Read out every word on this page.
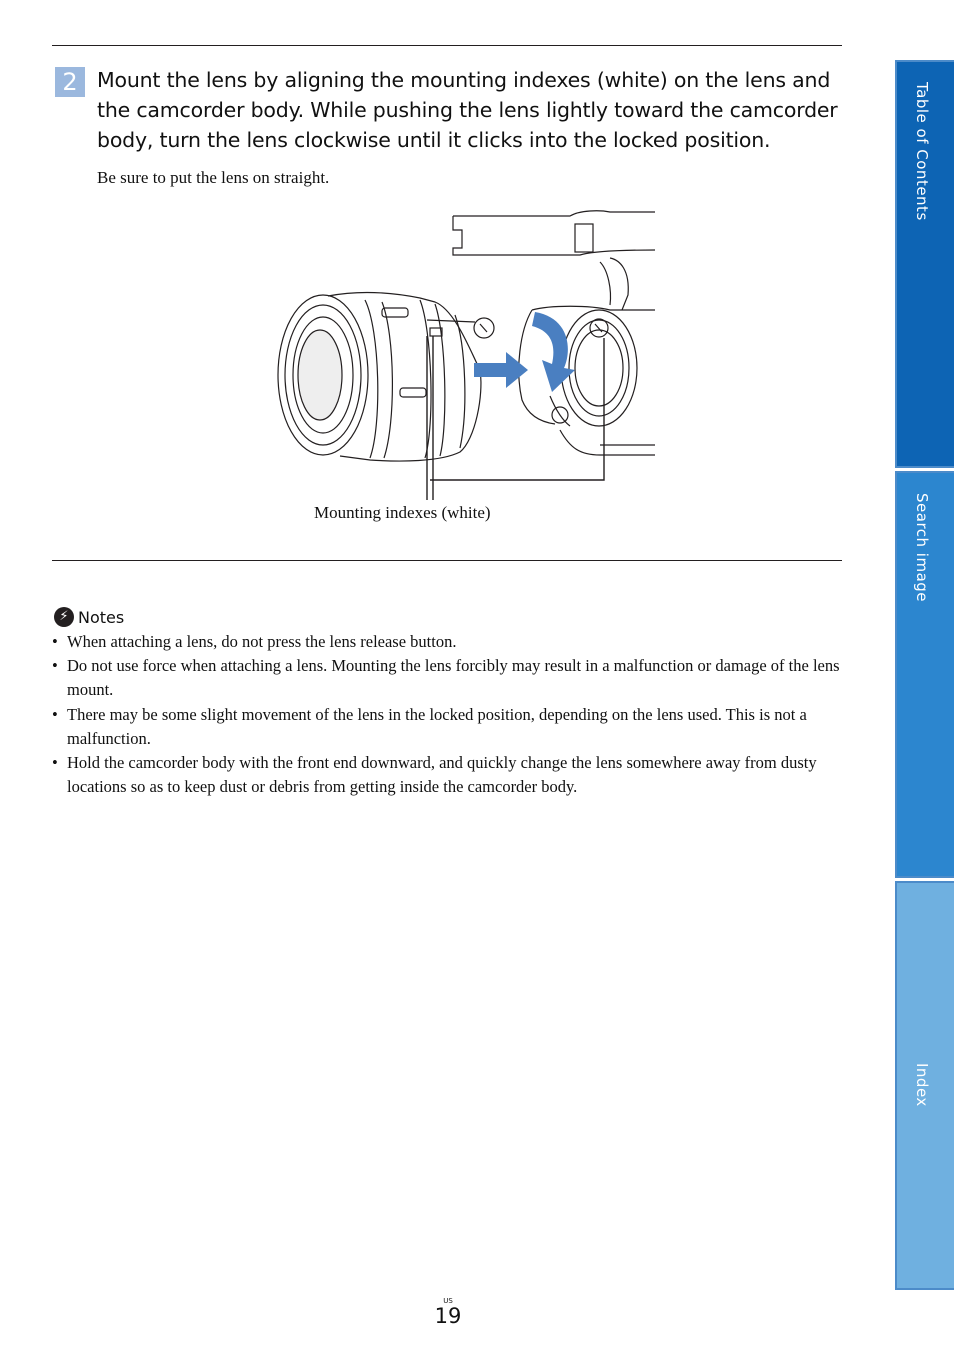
2 Mount the lens by aligning the mounting indexes (white) on the lens and the camcorder body. While pushing the lens lightly toward the camcorder body, turn the lens clockwise until it clicks into the locked position.
Be sure to put the lens on straight.
Mounting indexes (white)
⚡ Notes
• When attaching a lens, do not press the lens release button.
• Do not use force when attaching a lens. Mounting the lens forcibly may result in a malfunction or damage of the lens mount.
• There may be some slight movement of the lens in the locked position, depending on the lens used. This is not a malfunction.
• Hold the camcorder body with the front end downward, and quickly change the lens somewhere away from dusty locations so as to keep dust or debris from getting inside the camcorder body.
Table of Contents
Search image
Index
US
19
